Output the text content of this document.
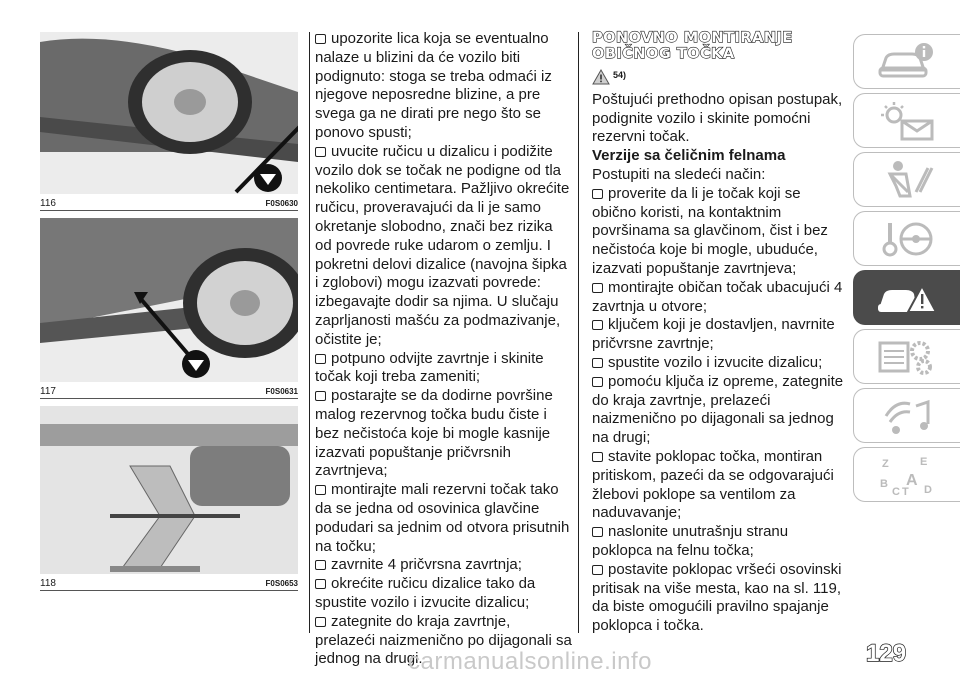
116	F0S0630
117	F0S0631
118	F0S0653

upozorite lica koja se eventualno nalaze u blizini da će vozilo biti podignuto: stoga se treba odmaći iz njegove neposredne blizine, a pre svega ga ne dirati pre nego što se ponovo spusti;

uvucite ručicu u dizalicu i podižite vozilo dok se točak ne podigne od tla nekoliko centimetara. Pažljivo okrećite ručicu, proveravajući da li je samo okretanje slobodno, znači bez rizika od povrede ruke udarom o zemlju. I pokretni delovi dizalice (navojna šipka i zglobovi) mogu izazvati povrede: izbegavajte dodir sa njima. U slučaju zaprljanosti mašću za podmazivanje, očistite je;

potpuno odvijte zavrtnje i skinite točak koji treba zameniti;

postarajte se da dodirne površine malog rezervnog točka budu čiste i bez nečistoća koje bi mogle kasnije izazvati popuštanje pričvrsnih zavrtnjeva;

montirajte mali rezervni točak tako da se jedna od osovinica glavčine podudari sa jednim od otvora prisutnih na točku;

zavrnite 4 pričvrsna zavrtnja;

okrećite ručicu dizalice tako da spustite vozilo i izvucite dizalicu;

zategnite do kraja zavrtnje, prelazeći naizmenično po dijagonali sa jednog na drugi.

PONOVNO MONTIRANJE
OBIČNOG TOČKA
54)

Poštujući prethodno opisan postupak, podignite vozilo i skinite pomoćni rezervni točak.

Verzije sa čeličnim felnama

Postupiti na sledeći način:

proverite da li je točak koji se obično koristi, na kontaktnim površinama sa glavčinom, čist i bez nečistoća koje bi mogle, ubuduće, izazvati popuštanje zavrtnjeva;

montirajte običan točak ubacujući 4 zavrtnja u otvore;

ključem koji je dostavljen, navrnite pričvrsne zavrtnje;

spustite vozilo i izvucite dizalicu;

pomoću ključa iz opreme, zategnite do kraja zavrtnje, prelazeći naizmenično po dijagonali sa jednog na drugi;

stavite poklopac točka, montiran pritiskom, pazeći da se odgovarajući žlebovi poklope sa ventilom za naduvavanje;

naslonite unutrašnju stranu poklopca na felnu točka;

postavite poklopac vršeći osovinski pritisak na više mesta, kao na sl. 119, da biste omogućili pravilno spajanje poklopca i točka.

Z	E
B A
C T D
129
carmanualsonline.info
